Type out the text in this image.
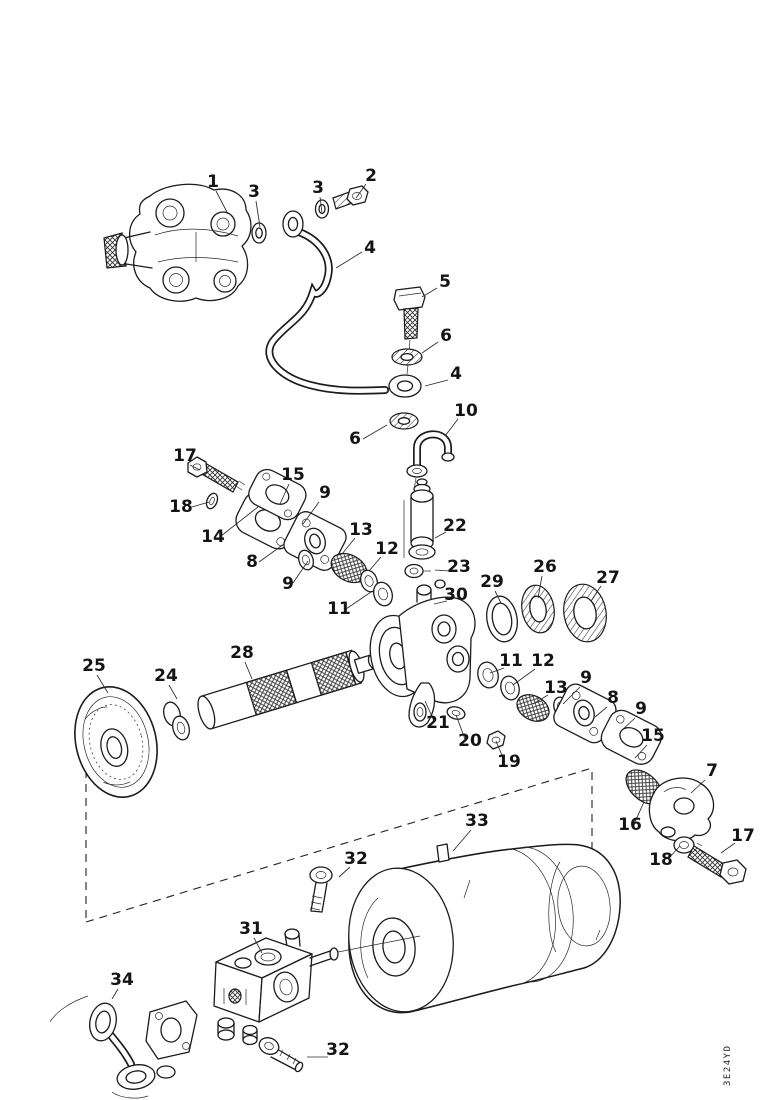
1 3	3
2
4
5
6
4
10
6
17
15
9
18
14	13
8
12
22
9
23	26
30
29	27
11
25
28
24
11 12
13 9
8
9
21
20	15
19	7
16
17
18
33
32
31
34
32	3E24YD
